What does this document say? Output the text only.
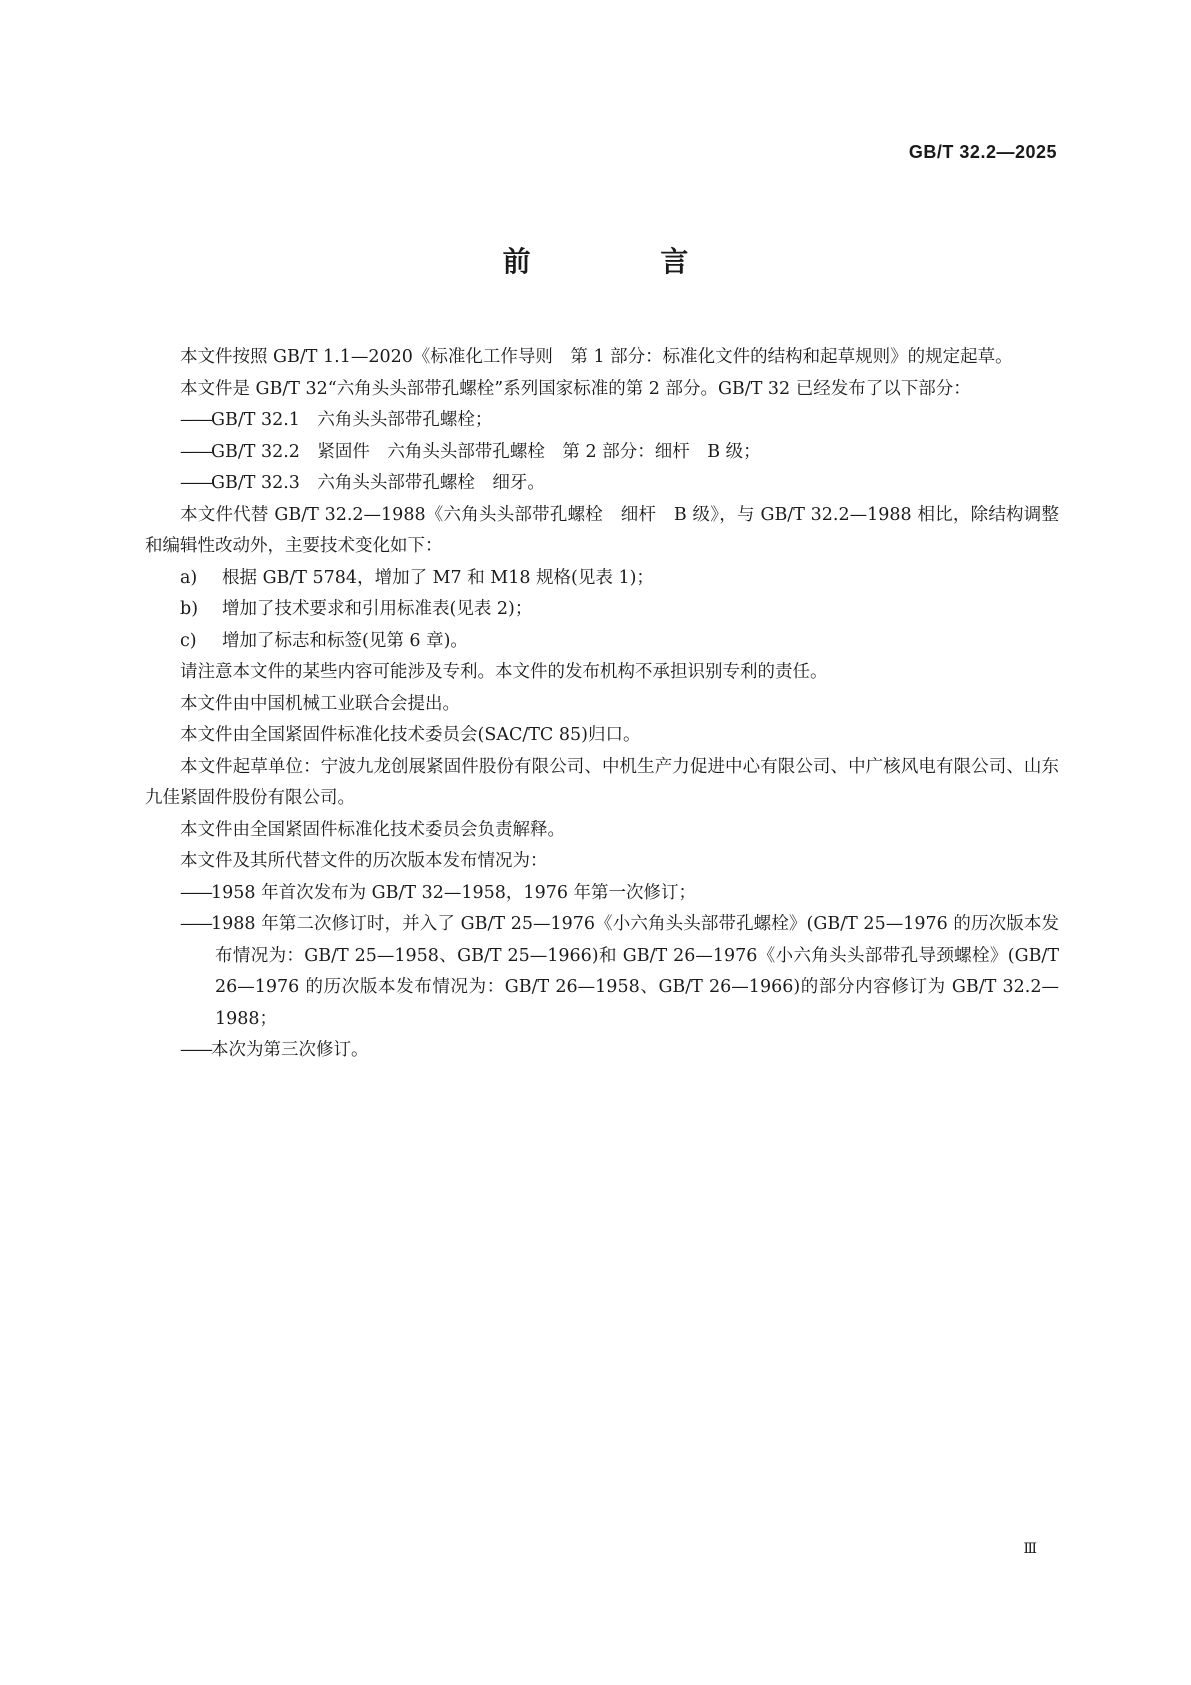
GB/T 32.2—2025
前 言

本文件按照 GB/T 1.1—2020《标准化工作导则　第 1 部分：标准化文件的结构和起草规则》的规定起草。

本文件是 GB/T 32“六角头头部带孔螺栓”系列国家标准的第 2 部分。GB/T 32 已经发布了以下部分：

——GB/T 32.1　六角头头部带孔螺栓；

——GB/T 32.2　紧固件　六角头头部带孔螺栓　第 2 部分：细杆　B 级；

——GB/T 32.3　六角头头部带孔螺栓　细牙。

本文件代替 GB/T 32.2—1988《六角头头部带孔螺栓　细杆　B 级》，与 GB/T 32.2—1988 相比，除结构调整和编辑性改动外，主要技术变化如下：

a) 根据 GB/T 5784，增加了 M7 和 M18 规格(见表 1)；

b) 增加了技术要求和引用标准表(见表 2)；

c) 增加了标志和标签(见第 6 章)。

请注意本文件的某些内容可能涉及专利。本文件的发布机构不承担识别专利的责任。

本文件由中国机械工业联合会提出。

本文件由全国紧固件标准化技术委员会(SAC/TC 85)归口。

本文件起草单位：宁波九龙创展紧固件股份有限公司、中机生产力促进中心有限公司、中广核风电有限公司、山东九佳紧固件股份有限公司。

本文件由全国紧固件标准化技术委员会负责解释。

本文件及其所代替文件的历次版本发布情况为：

——1958 年首次发布为 GB/T 32—1958，1976 年第一次修订；

——1988 年第二次修订时，并入了 GB/T 25—1976《小六角头头部带孔螺栓》(GB/T 25—1976 的历次版本发布情况为：GB/T 25—1958、GB/T 25—1966)和 GB/T 26—1976《小六角头头部带孔导颈螺栓》(GB/T 26—1976 的历次版本发布情况为：GB/T 26—1958、GB/T 26—1966)的部分内容修订为 GB/T 32.2—1988；

——本次为第三次修订。

Ⅲ
